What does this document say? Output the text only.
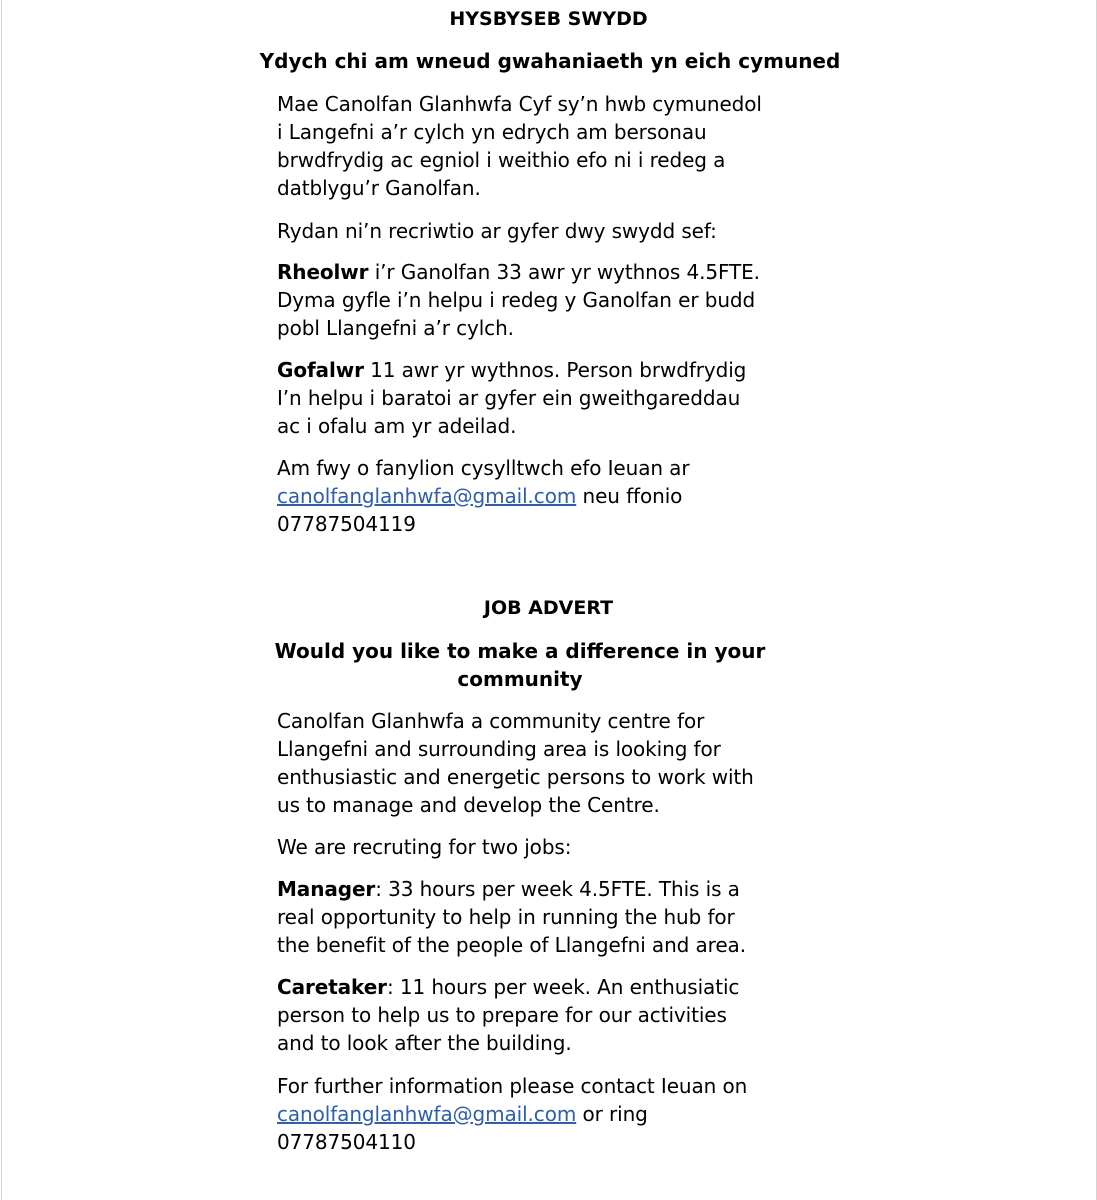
HYSBYSEB SWYDD
Ydych chi am wneud gwahaniaeth yn eich cymuned
Mae Canolfan Glanhwfa Cyf sy’n hwb cymunedol
i Langefni a’r cylch yn edrych am bersonau
brwdfrydig ac egniol i weithio efo ni i redeg a
datblygu’r Ganolfan.
Rydan ni’n recriwtio ar gyfer dwy swydd sef:
Rheolwr i’r Ganolfan 33 awr yr wythnos 4.5FTE.
Dyma gyfle i’n helpu i redeg y Ganolfan er budd
pobl Llangefni a’r cylch.
Gofalwr 11 awr yr wythnos. Person brwdfrydig
I’n helpu i baratoi ar gyfer ein gweithgareddau
ac i ofalu am yr adeilad.
Am fwy o fanylion cysylltwch efo Ieuan ar
canolfanglanhwfa@gmail.com neu ffonio
07787504119
JOB ADVERT
Would you like to make a difference in your community
Canolfan Glanhwfa a community centre for
Llangefni and surrounding area is looking for
enthusiastic and energetic persons to work with
us to manage and develop the Centre.
We are recruting for two jobs:
Manager: 33 hours per week 4.5FTE. This is a
real opportunity to help in running the hub for
the benefit of the people of Llangefni and area.
Caretaker: 11 hours per week. An enthusiatic
person to help us to prepare for our activities
and to look after the building.
For further information please contact Ieuan on
canolfanglanhwfa@gmail.com or ring
07787504110
